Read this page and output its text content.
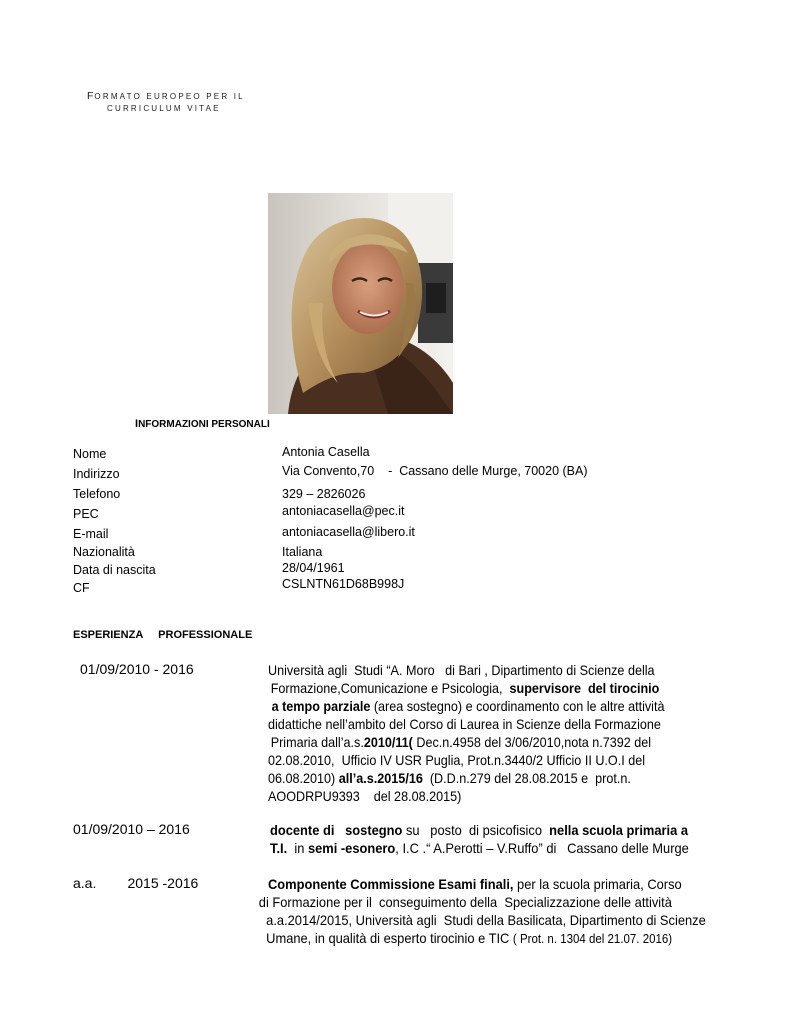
FORMATO EUROPEO PER IL
CURRICULUM VITAE
INFORMAZIONI PERSONALI
Nome	Antonia Casella
Indirizzo	Via Convento,70    -  Cassano delle Murge, 70020 (BA)
Telefono	329 – 2826026
PEC	antoniacasella@pec.it
E-mail	antoniacasella@libero.it
Nazionalità	Italiana
Data di nascita	28/04/1961
CF	CSLNTN61D68B998J
ESPERIENZA     PROFESSIONALE
01/09/2010 - 2016	Università agli  Studi “A. Moro   di Bari , Dipartimento di Scienze della
Formazione,Comunicazione e Psicologia,  supervisore  del tirocinio
a tempo parziale (area sostegno) e coordinamento con le altre attività
didattiche nell’ambito del Corso di Laurea in Scienze della Formazione
Primaria dall’a.s.2010/11( Dec.n.4958 del 3/06/2010,nota n.7392 del
02.08.2010,  Ufficio IV USR Puglia, Prot.n.3440/2 Ufficio II U.O.I del
06.08.2010) all’a.s.2015/16  (D.D.n.279 del 28.08.2015 e  prot.n.
AOODRPU9393    del 28.08.2015)
01/09/2010 – 2016	docente di   sostegno su   posto  di psicofisico  nella scuola primaria a
T.I.  in semi -esonero, I.C .“ A.Perotti – V.Ruffo” di   Cassano delle Murge
a.a.        2015 -2016	Componente Commissione Esami finali, per la scuola primaria, Corso
di Formazione per il  conseguimento della  Specializzazione delle attività
a.a.2014/2015, Università agli  Studi della Basilicata, Dipartimento di Scienze
Umane, in qualità di esperto tirocinio e TIC ( Prot. n. 1304 del 21.07. 2016)
